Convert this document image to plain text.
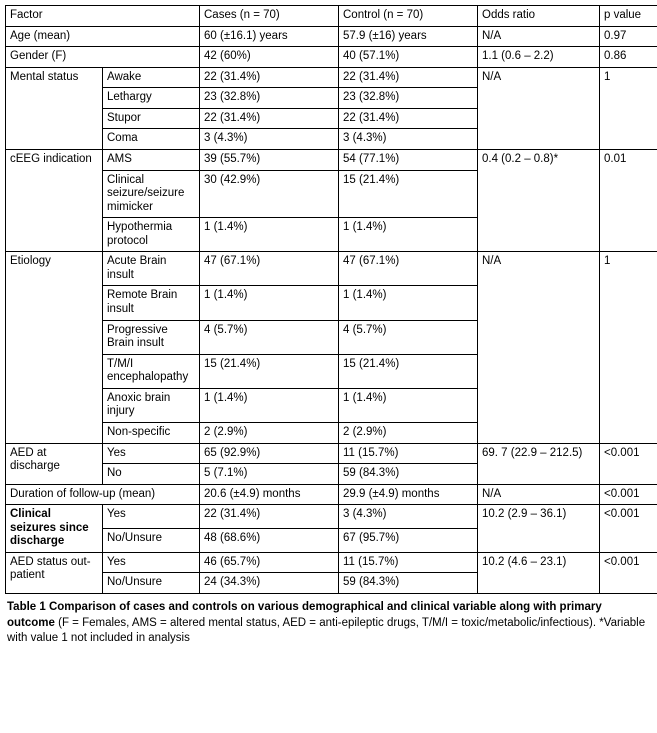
Factor		Cases (n = 70)	Control (n = 70)	Odds ratio	p value
Age (mean)		60 (±16.1) years	57.9 (±16) years	N/A	0.97
Gender (F)		42 (60%)	40 (57.1%)	1.1 (0.6 – 2.2)	0.86
Mental status	Awake	22 (31.4%)	22 (31.4%)	N/A	1
	Lethargy	23 (32.8%)	23 (32.8%)		
	Stupor	22 (31.4%)	22 (31.4%)		
	Coma	3 (4.3%)	3 (4.3%)		
cEEG indication	AMS	39 (55.7%)	54 (77.1%)	0.4 (0.2 – 0.8)*	0.01
	Clinical seizure/seizure mimicker	30 (42.9%)	15 (21.4%)		
	Hypothermia protocol	1 (1.4%)	1 (1.4%)		
Etiology	Acute Brain insult	47 (67.1%)	47 (67.1%)	N/A	1
	Remote Brain insult	1 (1.4%)	1 (1.4%)		
	Progressive Brain insult	4 (5.7%)	4 (5.7%)		
	T/M/I encephalopathy	15 (21.4%)	15 (21.4%)		
	Anoxic brain injury	1 (1.4%)	1 (1.4%)		
	Non-specific	2 (2.9%)	2 (2.9%)		
AED at discharge	Yes	65 (92.9%)	11 (15.7%)	69. 7 (22.9 – 212.5)	<0.001
	No	5 (7.1%)	59 (84.3%)		
Duration of follow-up (mean)		20.6 (±4.9) months	29.9 (±4.9) months	N/A	<0.001
Clinical seizures since discharge	Yes	22 (31.4%)	3 (4.3%)	10.2 (2.9 – 36.1)	<0.001
	No/Unsure	48 (68.6%)	67 (95.7%)		
AED status out-patient	Yes	46 (65.7%)	11 (15.7%)	10.2 (4.6 – 23.1)	<0.001
	No/Unsure	24 (34.3%)	59 (84.3%)		
Table 1 Comparison of cases and controls on various demographical and clinical variable along with primary outcome (F = Females, AMS = altered mental status, AED = anti-epileptic drugs, T/M/I = toxic/metabolic/infectious). *Variable with value 1 not included in analysis
